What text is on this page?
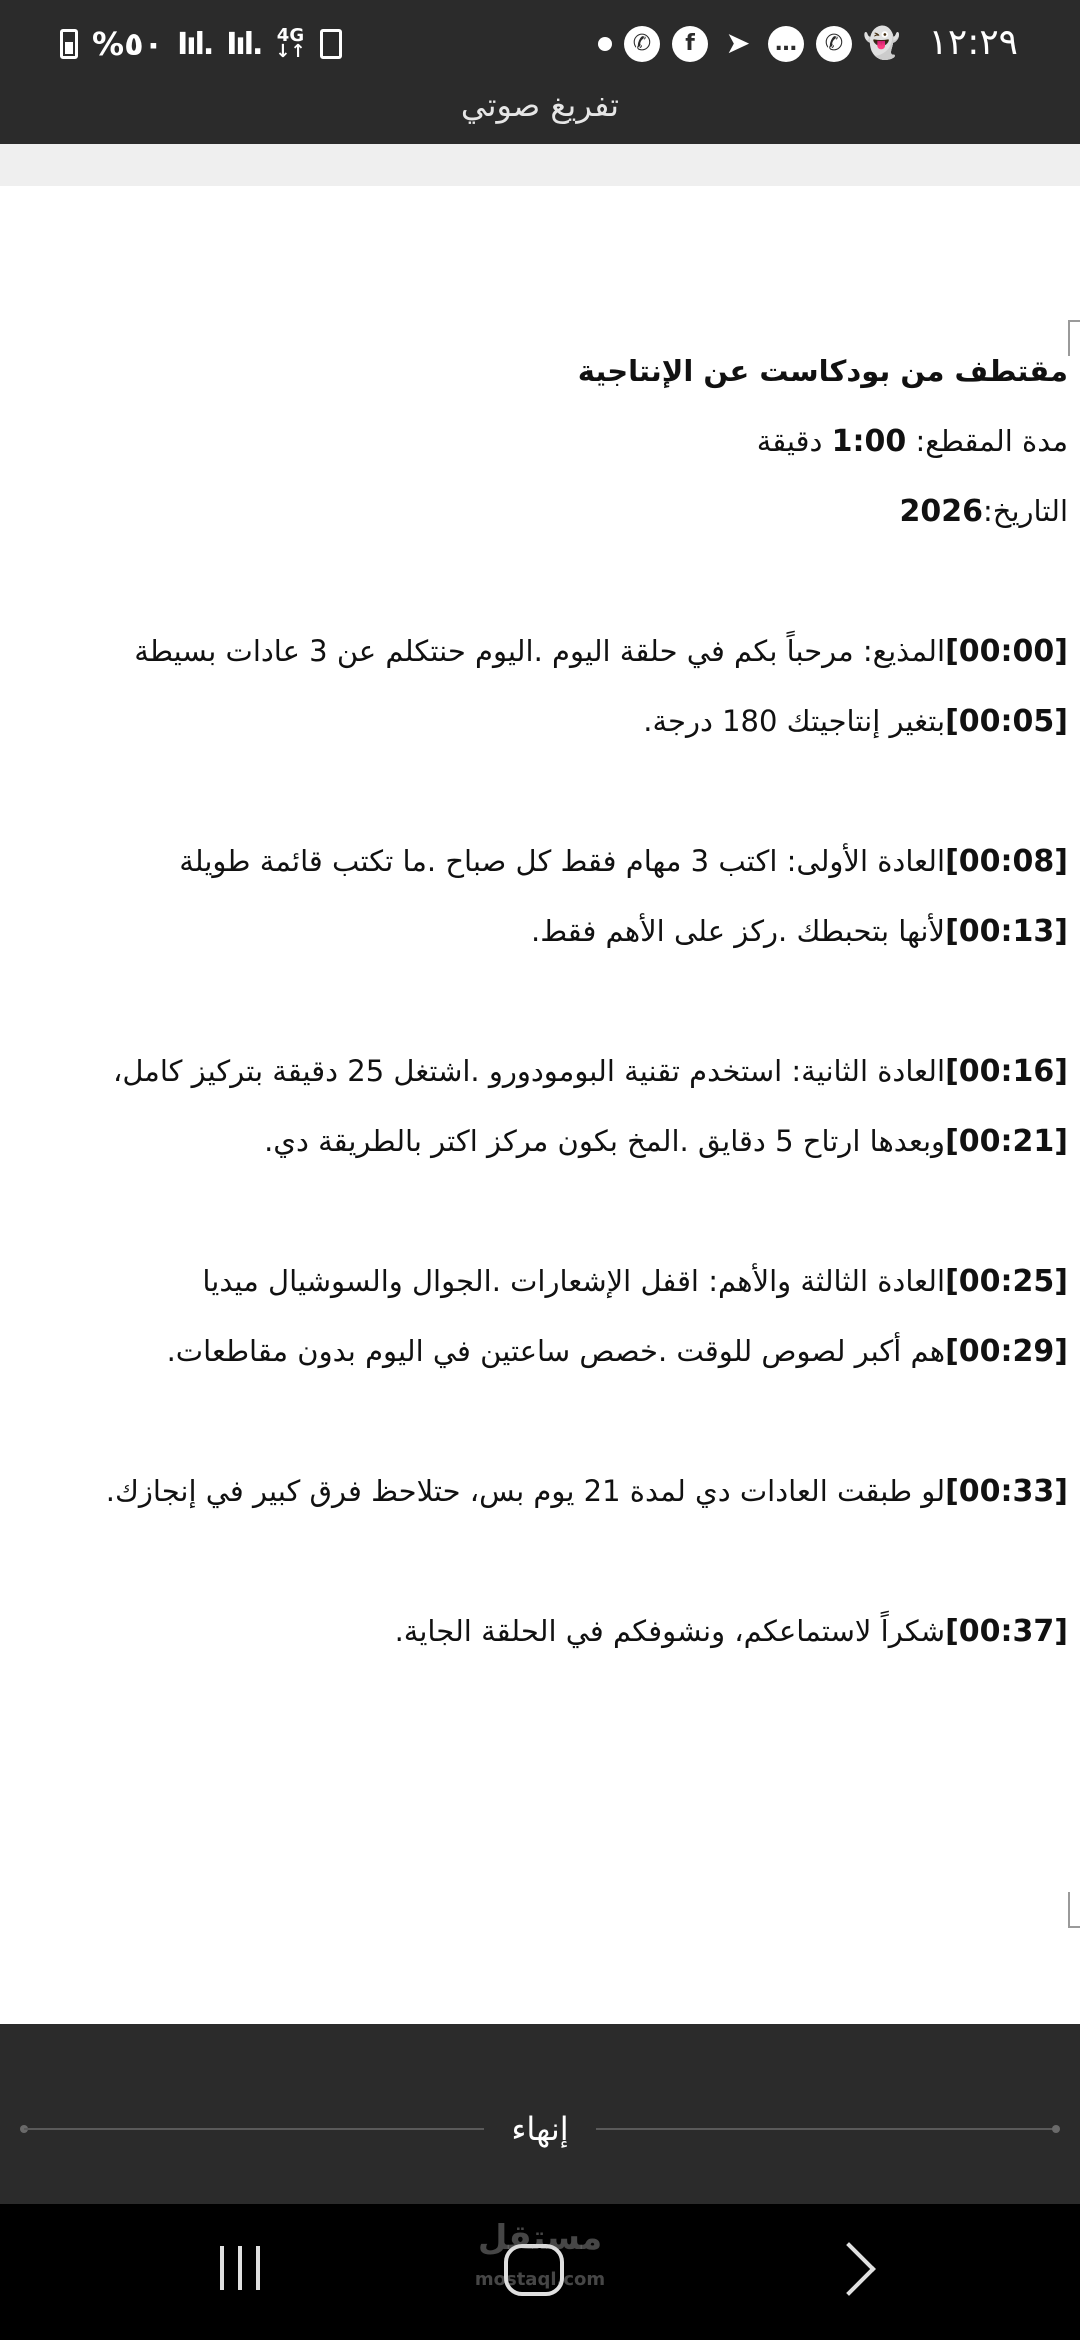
%٥٠ Iıl. Iıl. 4G
↓↑	👻
✆
…
➤
f
✆	١٢:٢٩
تفريغ صوتي
مقتطف من بودكاست عن الإنتاجية
مدة المقطع: 1:00 دقيقة
التاريخ:2026
[00:00]المذيع: مرحباً بكم في حلقة اليوم .اليوم حنتكلم عن 3 عادات بسيطة
[00:05]بتغير إنتاجيتك 180 درجة.
[00:08]العادة الأولى: اكتب 3 مهام فقط كل صباح .ما تكتب قائمة طويلة
[00:13]لأنها بتحبطك .ركز على الأهم فقط.
[00:16]العادة الثانية: استخدم تقنية البومودورو .اشتغل 25 دقيقة بتركيز كامل،
[00:21]وبعدها ارتاح 5 دقايق .المخ بكون مركز اكتر بالطريقة دي.
[00:25]العادة الثالثة والأهم: اقفل الإشعارات .الجوال والسوشيال ميديا
[00:29]هم أكبر لصوص للوقت .خصص ساعتين في اليوم بدون مقاطعات.
[00:33]لو طبقت العادات دي لمدة 21 يوم بس، حتلاحظ فرق كبير في إنجازك.
[00:37]شكراً لاستماعكم، ونشوفكم في الحلقة الجاية.
إنهاء
مستقل
mostaql.com
